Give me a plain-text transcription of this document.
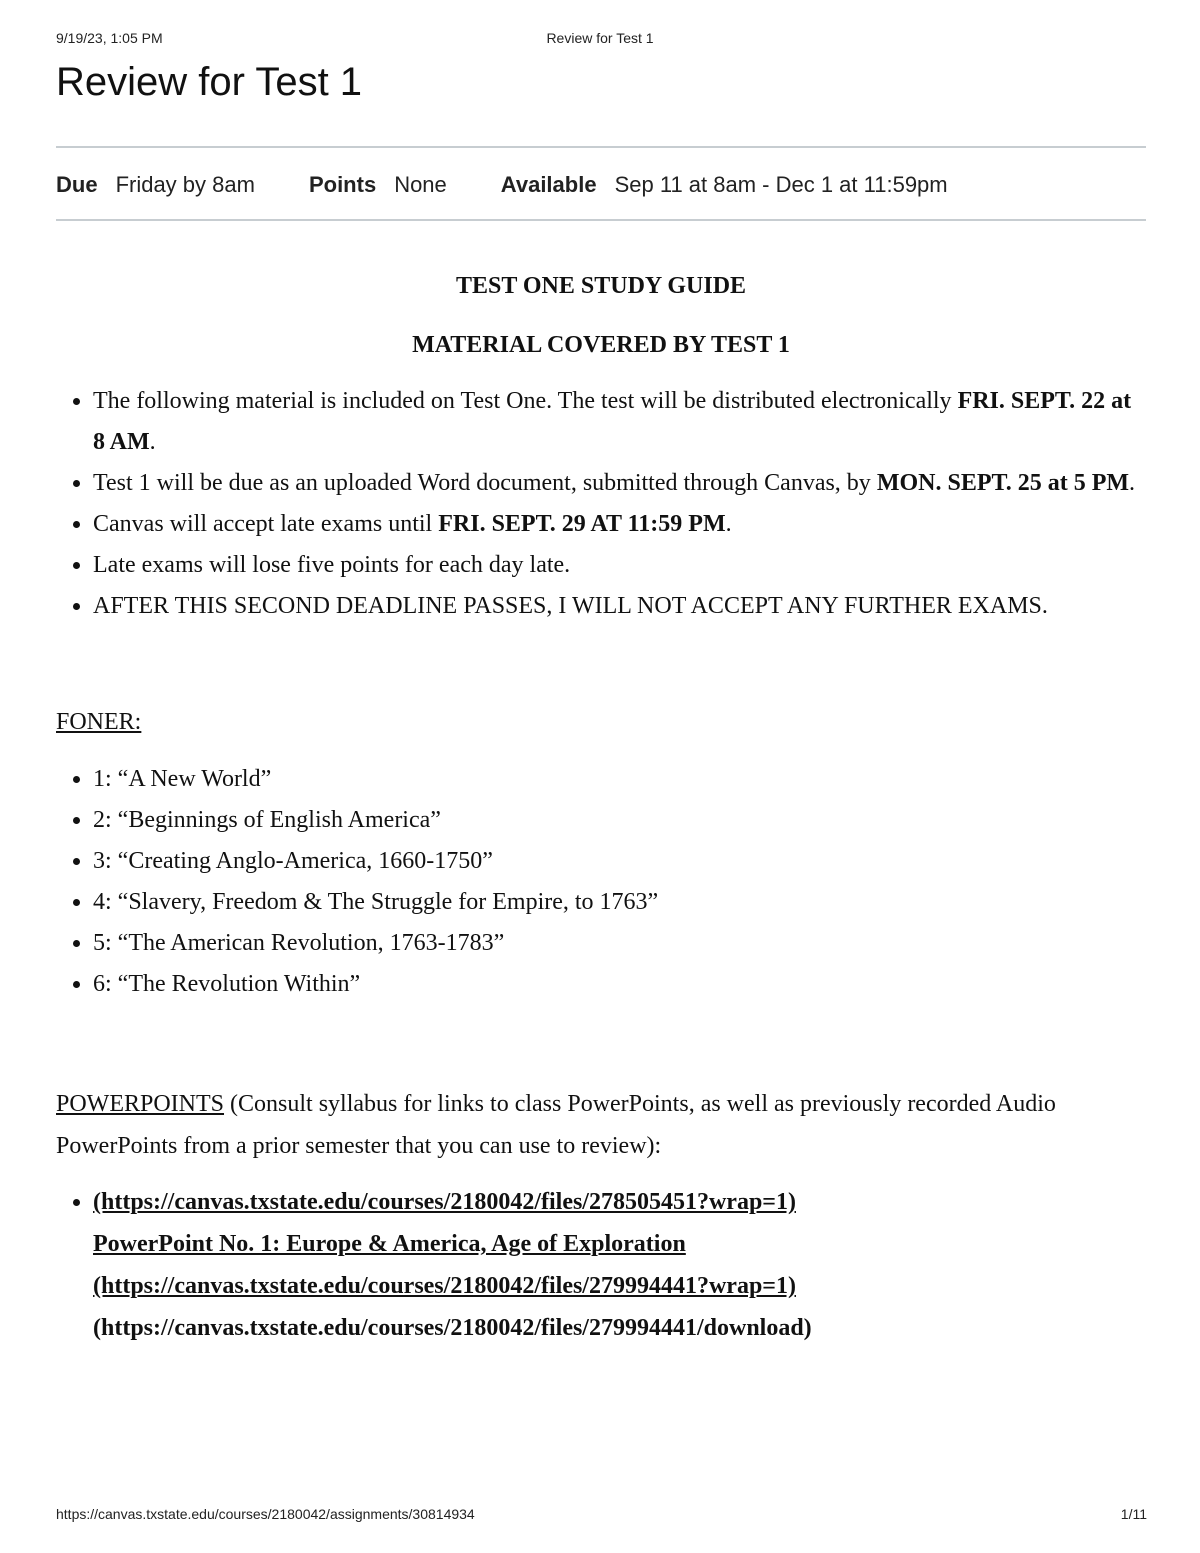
9/19/23, 1:05 PM	Review for Test 1
Review for Test 1
Due Friday by 8am Points None Available Sep 11 at 8am - Dec 1 at 11:59pm

TEST ONE STUDY GUIDE

MATERIAL COVERED BY TEST 1

• The following material is included on Test One. The test will be distributed electronically FRI. SEPT. 22 at 8 AM.
• Test 1 will be due as an uploaded Word document, submitted through Canvas, by MON. SEPT. 25 at 5 PM.
• Canvas will accept late exams until FRI. SEPT. 29 AT 11:59 PM.
• Late exams will lose five points for each day late.
• AFTER THIS SECOND DEADLINE PASSES, I WILL NOT ACCEPT ANY FURTHER EXAMS.
FONER:
• 1: “A New World”
• 2: “Beginnings of English America”
• 3: “Creating Anglo-America, 1660-1750”
• 4: “Slavery, Freedom & The Struggle for Empire, to 1763”
• 5: “The American Revolution, 1763-1783”
• 6: “The Revolution Within”
POWERPOINTS (Consult syllabus for links to class PowerPoints, as well as previously recorded Audio PowerPoints from a prior semester that you can use to review):
• (https://canvas.txstate.edu/courses/2180042/files/278505451?wrap=1)
PowerPoint No. 1: Europe & America, Age of Exploration
(https://canvas.txstate.edu/courses/2180042/files/279994441?wrap=1)
(https://canvas.txstate.edu/courses/2180042/files/279994441/download)
https://canvas.txstate.edu/courses/2180042/assignments/30814934	1/11
